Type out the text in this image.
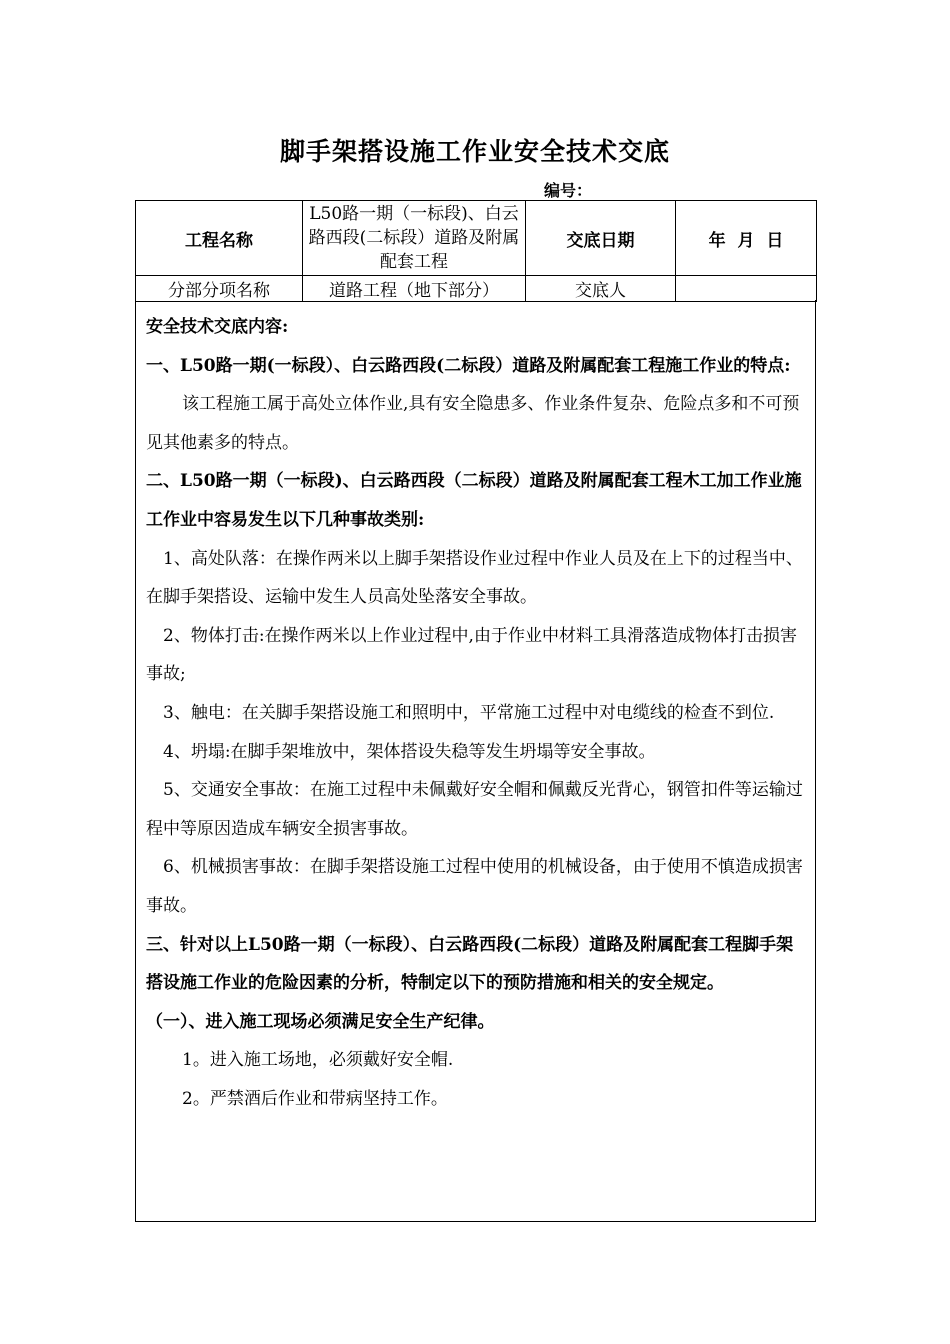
脚手架搭设施工作业安全技术交底
编号：
工程名称	L50路一期（一标段)、白云路西段(二标段）道路及附属配套工程	交底日期	年  月  日
分部分项名称	道路工程（地下部分）	交底人	

安全技术交底内容:

一、L50路一期(一标段）、白云路西段(二标段）道路及附属配套工程施工作业的特点:

该工程施工属于高处立体作业,具有安全隐患多、作业条件复杂、危险点多和不可预见其他素多的特点。

二、L50路一期（一标段)、白云路西段（二标段）道路及附属配套工程木工加工作业施工作业中容易发生以下几种事故类别:

1、高处队落：在操作两米以上脚手架搭设作业过程中作业人员及在上下的过程当中、在脚手架搭设、运输中发生人员高处坠落安全事故。

2、物体打击:在操作两米以上作业过程中,由于作业中材料工具滑落造成物体打击损害事故;

3、触电：在关脚手架搭设施工和照明中，平常施工过程中对电缆线的检查不到位.

4、坍塌:在脚手架堆放中，架体搭设失稳等发生坍塌等安全事故。

5、交通安全事故：在施工过程中未佩戴好安全帽和佩戴反光背心，钢管扣件等运输过程中等原因造成车辆安全损害事故。

6、机械损害事故：在脚手架搭设施工过程中使用的机械设备，由于使用不慎造成损害事故。

三、针对以上L50路一期（一标段）、白云路西段(二标段）道路及附属配套工程脚手架搭设施工作业的危险因素的分析，特制定以下的预防措施和相关的安全规定。

（一）、进入施工现场必须满足安全生产纪律。

1。进入施工场地，必须戴好安全帽.

2。严禁酒后作业和带病坚持工作。
